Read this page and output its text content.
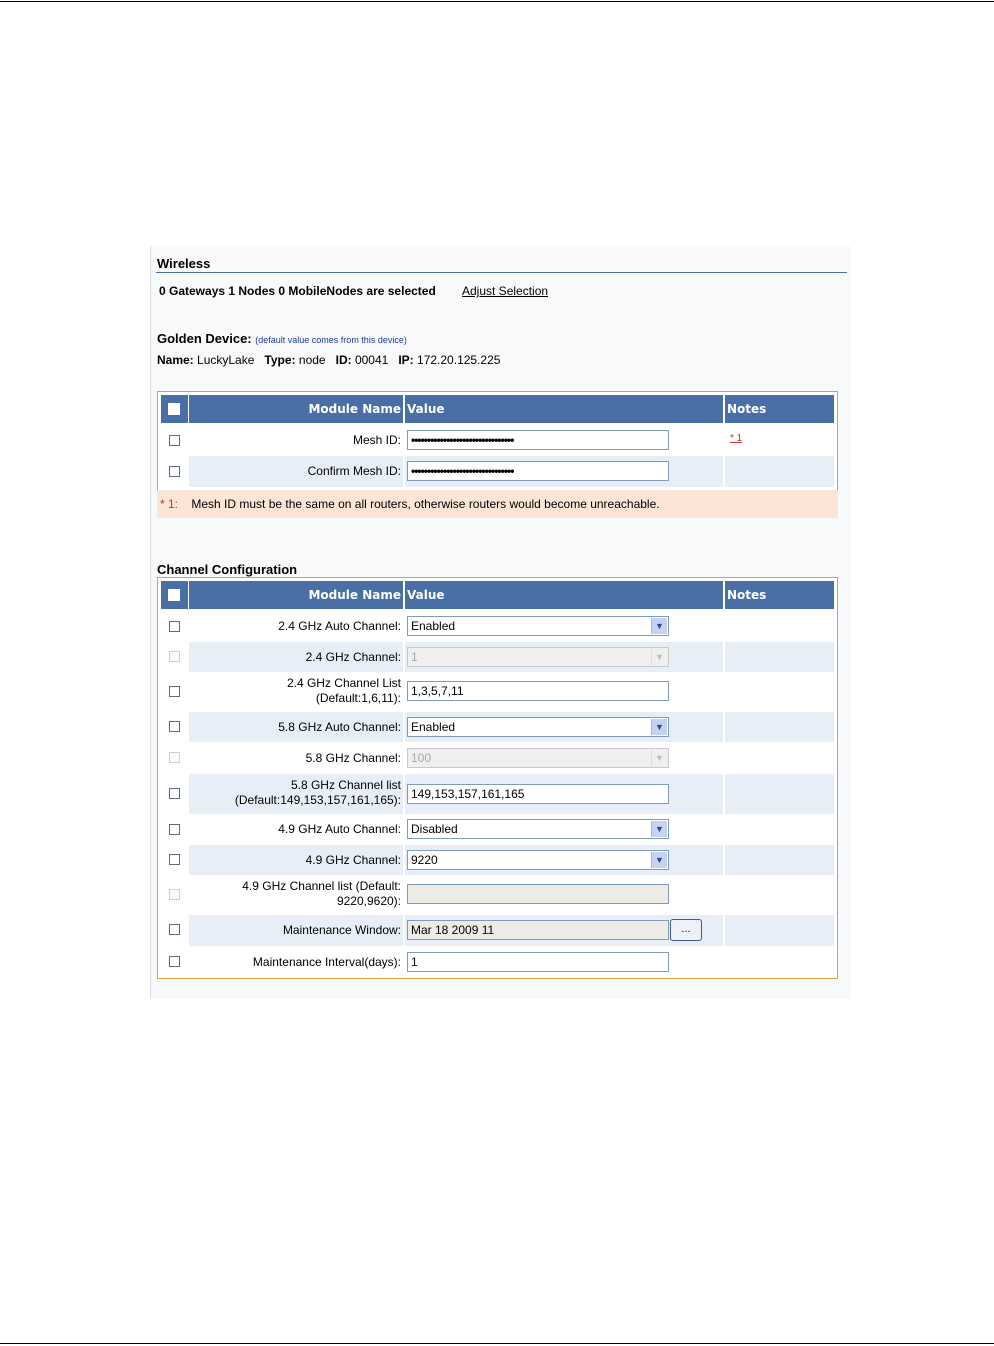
Wireless
0 Gateways 1 Nodes 0 MobileNodes are selected Adjust Selection
Golden Device: (default value comes from this device)
Name: LuckyLake Type: node ID: 00041 IP: 172.20.125.225
Module Name Value	Notes
Mesh ID: ••••••••••••••••••••••••••••••••	* 1
Confirm Mesh ID: ••••••••••••••••••••••••••••••••
* 1: Mesh ID must be the same on all routers, otherwise routers would become unreachable.
Channel Configuration
Module Name Value	Notes
2.4 GHz Auto Channel: Enabled	▼
2.4 GHz Channel: 1	▼
2.4 GHz Channel List
(Default:1,6,11): 1,3,5,7,11
5.8 GHz Auto Channel: Enabled	▼
5.8 GHz Channel: 100	▼
5.8 GHz Channel list
(Default:149,153,157,161,165): 149,153,157,161,165
4.9 GHz Auto Channel: Disabled	▼
4.9 GHz Channel: 9220	▼
4.9 GHz Channel list (Default:
9220,9620):
Maintenance Window: Mar 18 2009 11	...
Maintenance Interval(days): 1
